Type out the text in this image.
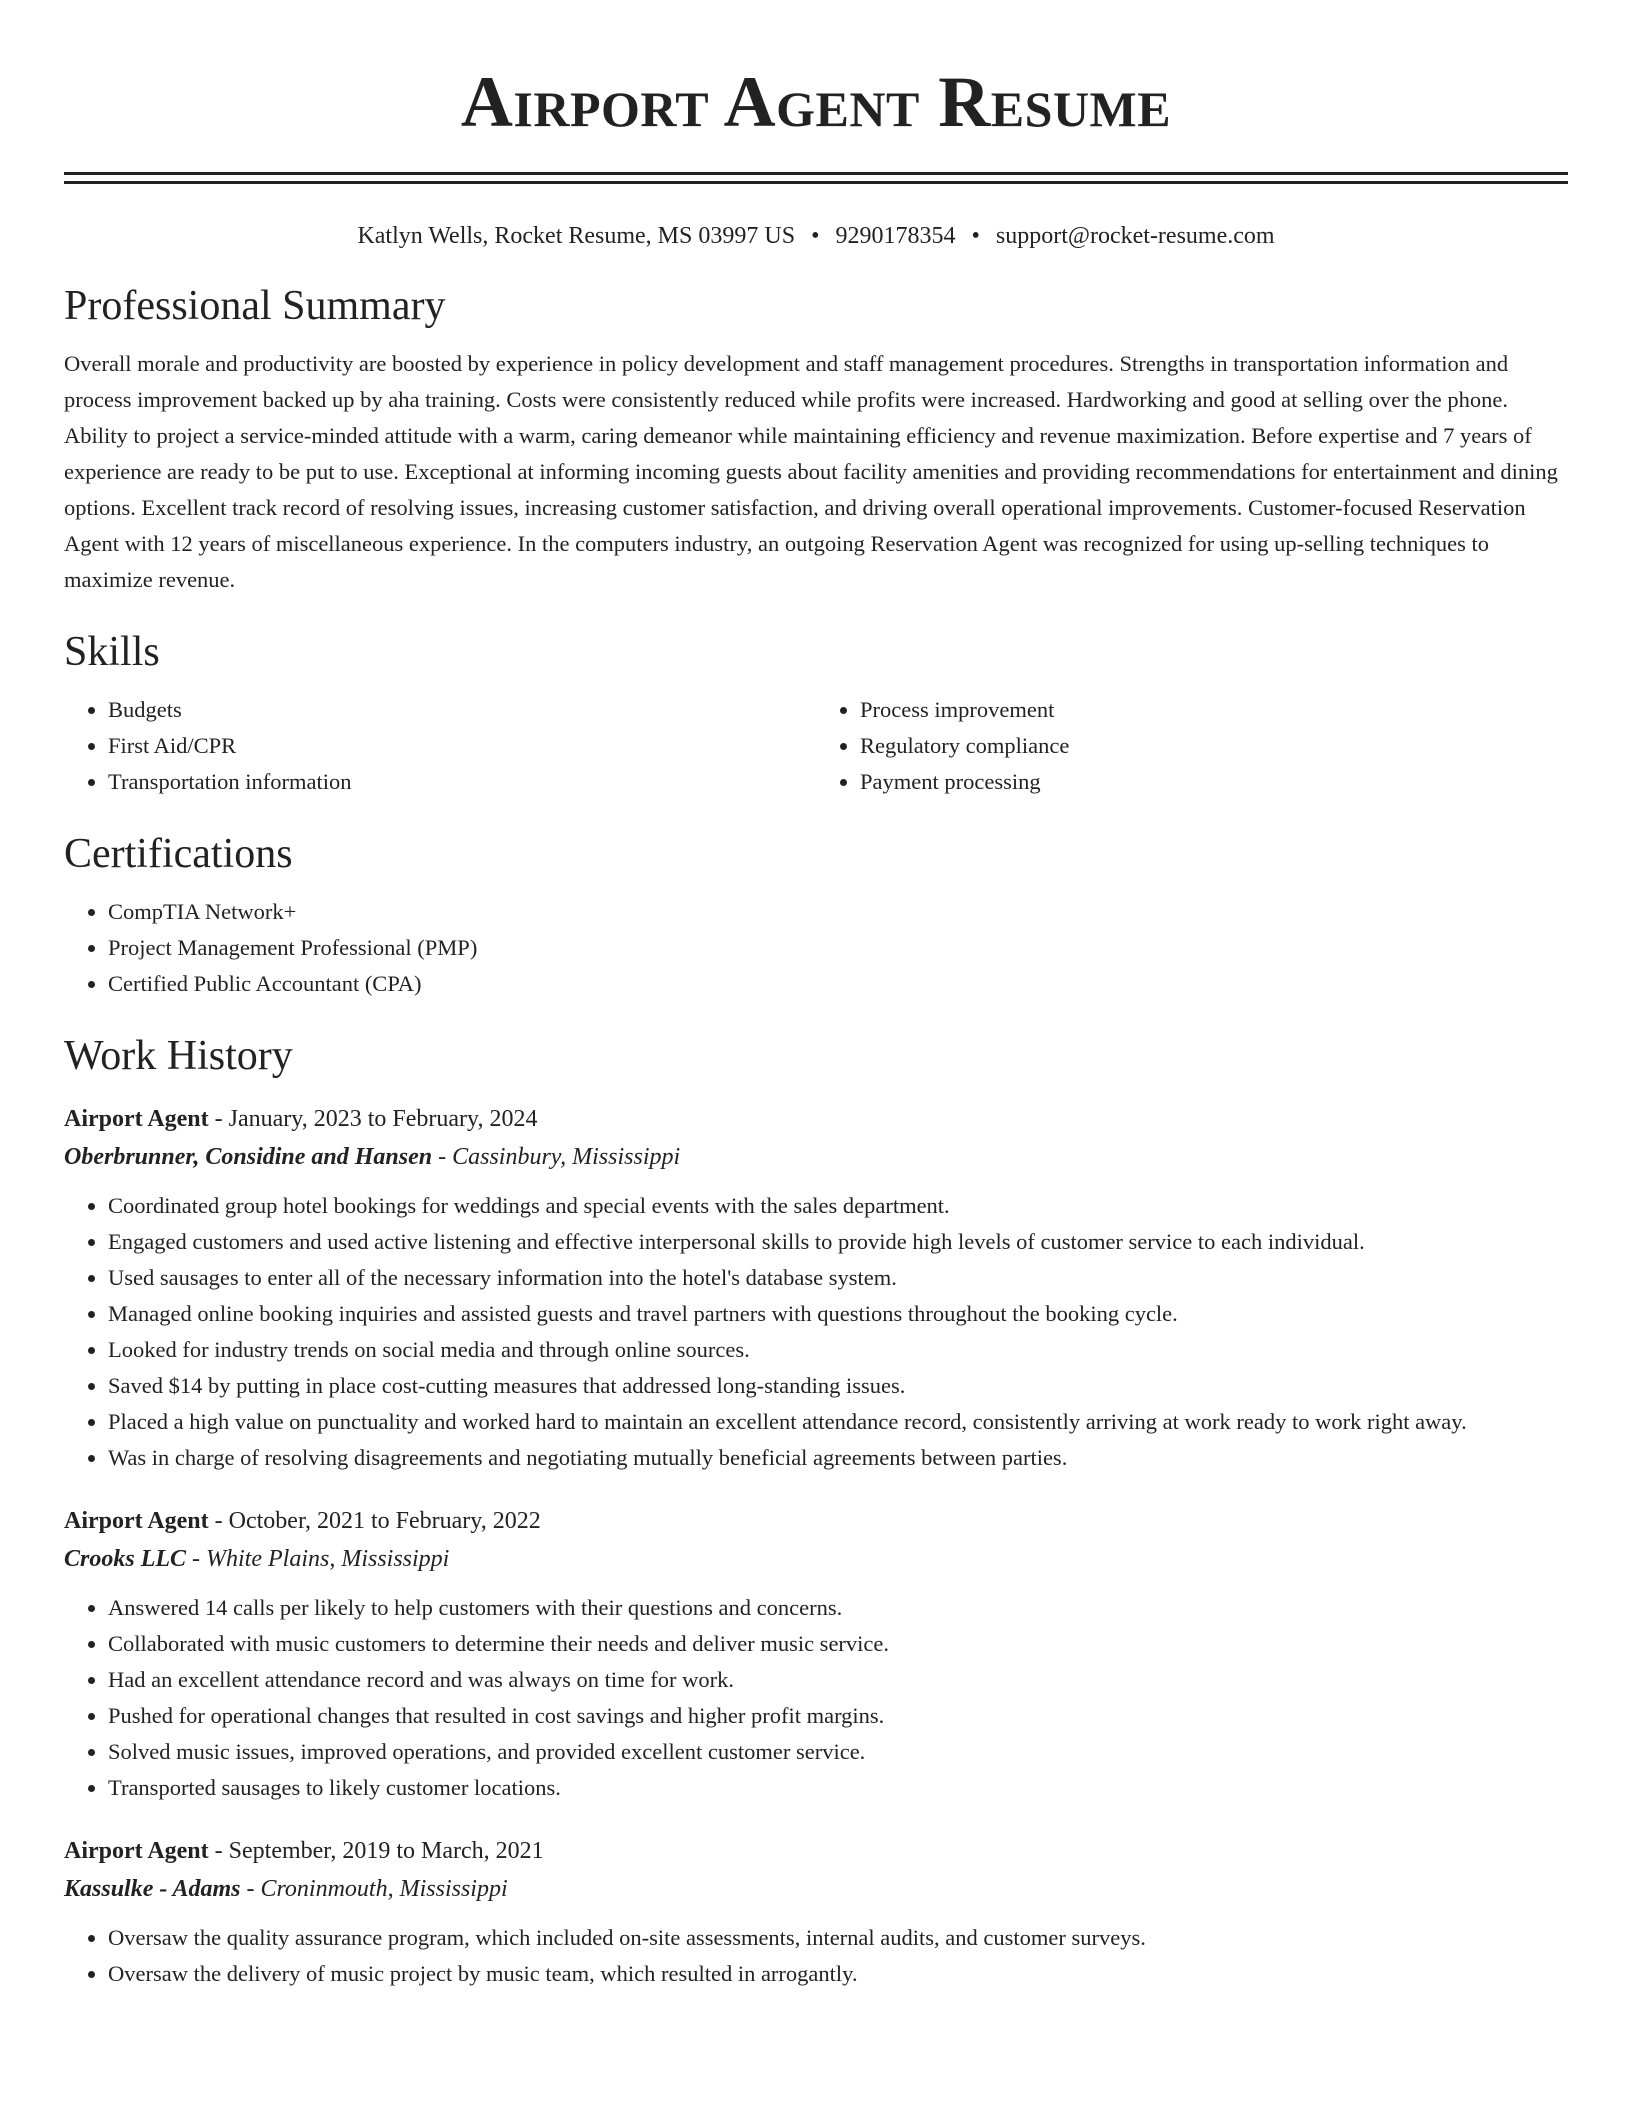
Airport Agent Resume
Katlyn Wells, Rocket Resume, MS 03997 US • 9290178354 • support@rocket-resume.com
Professional Summary

Overall morale and productivity are boosted by experience in policy development and staff management procedures. Strengths in transportation information and process improvement backed up by aha training. Costs were consistently reduced while profits were increased. Hardworking and good at selling over the phone. Ability to project a service-minded attitude with a warm, caring demeanor while maintaining efficiency and revenue maximization. Before expertise and 7 years of experience are ready to be put to use. Exceptional at informing incoming guests about facility amenities and providing recommendations for entertainment and dining options. Excellent track record of resolving issues, increasing customer satisfaction, and driving overall operational improvements. Customer-focused Reservation Agent with 12 years of miscellaneous experience. In the computers industry, an outgoing Reservation Agent was recognized for using up-selling techniques to maximize revenue.

Skills
• Budgets
• First Aid/CPR
• Transportation information
• Process improvement
• Regulatory compliance
• Payment processing
Certifications
• CompTIA Network+
• Project Management Professional (PMP)
• Certified Public Accountant (CPA)
Work History
Airport Agent - January, 2023 to February, 2024
Oberbrunner, Considine and Hansen - Cassinbury, Mississippi
• Coordinated group hotel bookings for weddings and special events with the sales department.
• Engaged customers and used active listening and effective interpersonal skills to provide high levels of customer service to each individual.
• Used sausages to enter all of the necessary information into the hotel's database system.
• Managed online booking inquiries and assisted guests and travel partners with questions throughout the booking cycle.
• Looked for industry trends on social media and through online sources.
• Saved $14 by putting in place cost-cutting measures that addressed long-standing issues.
• Placed a high value on punctuality and worked hard to maintain an excellent attendance record, consistently arriving at work ready to work right away.
• Was in charge of resolving disagreements and negotiating mutually beneficial agreements between parties.
Airport Agent - October, 2021 to February, 2022
Crooks LLC - White Plains, Mississippi
• Answered 14 calls per likely to help customers with their questions and concerns.
• Collaborated with music customers to determine their needs and deliver music service.
• Had an excellent attendance record and was always on time for work.
• Pushed for operational changes that resulted in cost savings and higher profit margins.
• Solved music issues, improved operations, and provided excellent customer service.
• Transported sausages to likely customer locations.
Airport Agent - September, 2019 to March, 2021
Kassulke - Adams - Croninmouth, Mississippi
• Oversaw the quality assurance program, which included on-site assessments, internal audits, and customer surveys.
• Oversaw the delivery of music project by music team, which resulted in arrogantly.
